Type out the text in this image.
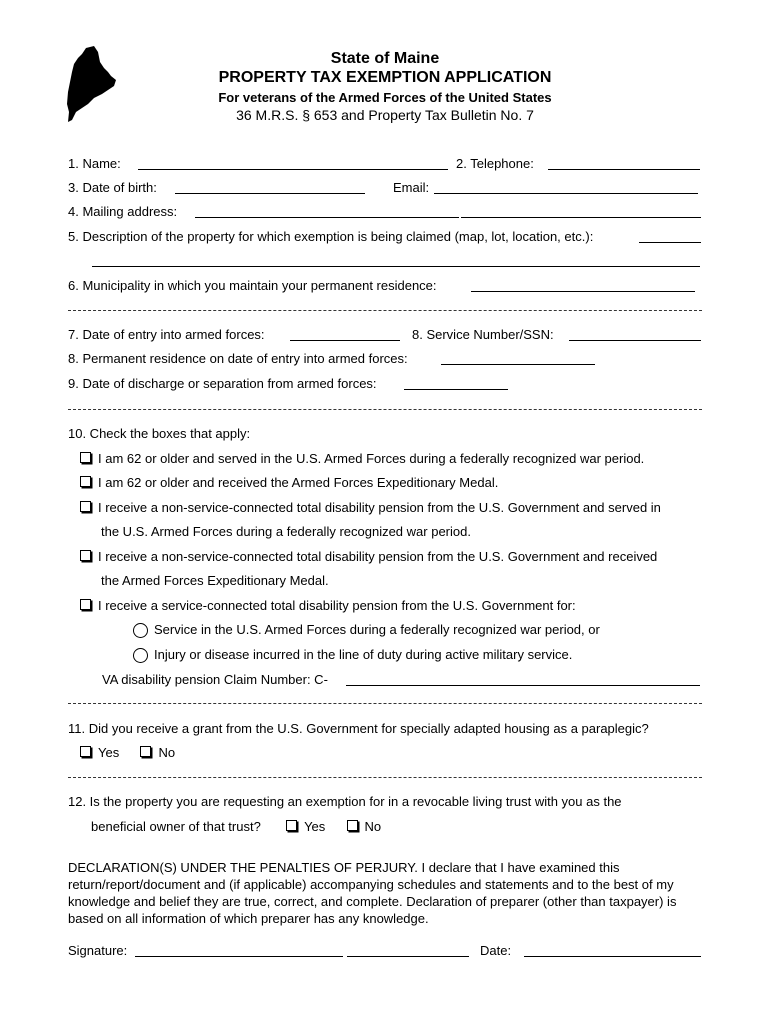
State of Maine
PROPERTY TAX EXEMPTION APPLICATION
For veterans of the Armed Forces of the United States
36 M.R.S. § 653 and Property Tax Bulletin No. 7
1. Name:	2. Telephone:
3. Date of birth:	Email:
4. Mailing address:
5. Description of the property for which exemption is being claimed (map, lot, location, etc.):
6. Municipality in which you maintain your permanent residence:
7. Date of entry into armed forces:	8. Service Number/SSN:
8. Permanent residence on date of entry into armed forces:
9. Date of discharge or separation from armed forces:
10. Check the boxes that apply:
I am 62 or older and served in the U.S. Armed Forces during a federally recognized war period.
I am 62 or older and received the Armed Forces Expeditionary Medal.
I receive a non-service-connected total disability pension from the U.S. Government and served in
the U.S. Armed Forces during a federally recognized war period.
I receive a non-service-connected total disability pension from the U.S. Government and received
the Armed Forces Expeditionary Medal.
I receive a service-connected total disability pension from the U.S. Government for:
Service in the U.S. Armed Forces during a federally recognized war period, or
Injury or disease incurred in the line of duty during active military service.
VA disability pension Claim Number: C-
11. Did you receive a grant from the U.S. Government for specially adapted housing as a paraplegic?
Yes	No
12. Is the property you are requesting an exemption for in a revocable living trust with you as the
beneficial owner of that trust?	Yes	No
DECLARATION(S) UNDER THE PENALTIES OF PERJURY. I declare that I have examined this return/report/document and (if applicable) accompanying schedules and statements and to the best of my knowledge and belief they are true, correct, and complete. Declaration of preparer (other than taxpayer) is based on all information of which preparer has any knowledge.
Signature:	Date:
